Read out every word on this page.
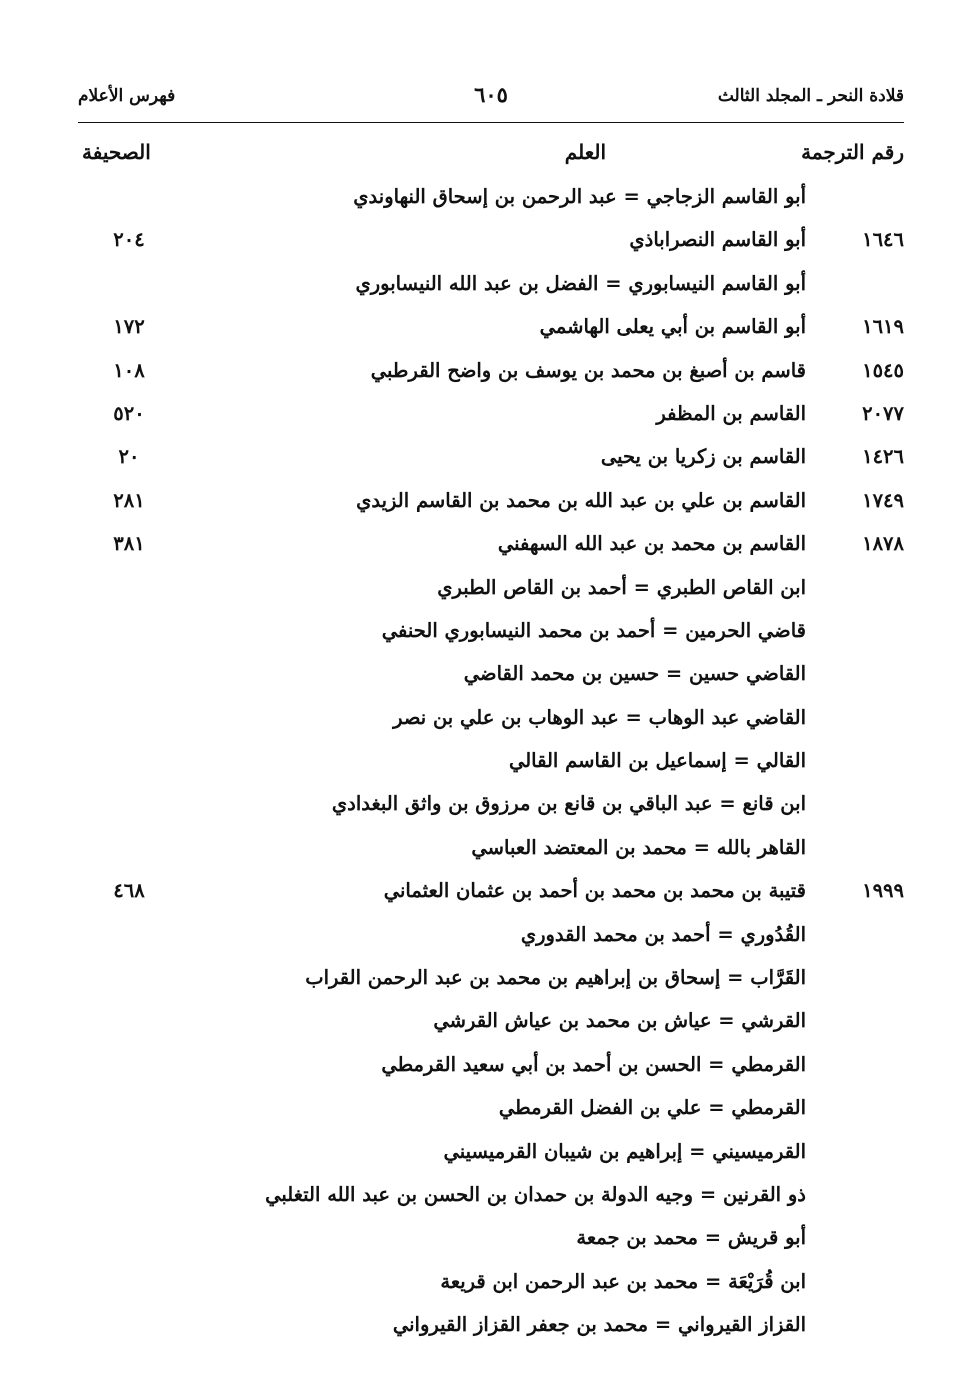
قلادة النحر ـ المجلد الثالث
٦٠٥
فهرس الأعلام
رقم الترجمة
العلم
الصحيفة
أبو القاسم الزجاجي = عبد الرحمن بن إسحاق النهاوندي
١٦٤٦
أبو القاسم النصراباذي
٢٠٤
أبو القاسم النيسابوري = الفضل بن عبد الله النيسابوري
١٦١٩
أبو القاسم بن أبي يعلى الهاشمي
١٧٢
١٥٤٥
قاسم بن أصبغ بن محمد بن يوسف بن واضح القرطبي
١٠٨
٢٠٧٧
القاسم بن المظفر
٥٢٠
١٤٢٦
القاسم بن زكريا بن يحيى
٢٠
١٧٤٩
القاسم بن علي بن عبد الله بن محمد بن القاسم الزيدي
٢٨١
١٨٧٨
القاسم بن محمد بن عبد الله السهفني
٣٨١
ابن القاص الطبري = أحمد بن القاص الطبري
قاضي الحرمين = أحمد بن محمد النيسابوري الحنفي
القاضي حسين = حسين بن محمد القاضي
القاضي عبد الوهاب = عبد الوهاب بن علي بن نصر
القالي = إسماعيل بن القاسم القالي
ابن قانع = عبد الباقي بن قانع بن مرزوق بن واثق البغدادي
القاهر بالله = محمد بن المعتضد العباسي
١٩٩٩
قتيبة بن محمد بن محمد بن أحمد بن عثمان العثماني
٤٦٨
القُدُوري = أحمد بن محمد القدوري
القَرَّاب = إسحاق بن إبراهيم بن محمد بن عبد الرحمن القراب
القرشي = عياش بن محمد بن عياش القرشي
القرمطي = الحسن بن أحمد بن أبي سعيد القرمطي
القرمطي = علي بن الفضل القرمطي
القرميسيني = إبراهيم بن شيبان القرميسيني
ذو القرنين = وجيه الدولة بن حمدان بن الحسن بن عبد الله التغلبي
أبو قريش = محمد بن جمعة
ابن قُرَيْعَة = محمد بن عبد الرحمن ابن قريعة
القزاز القيرواني = محمد بن جعفر القزاز القيرواني
